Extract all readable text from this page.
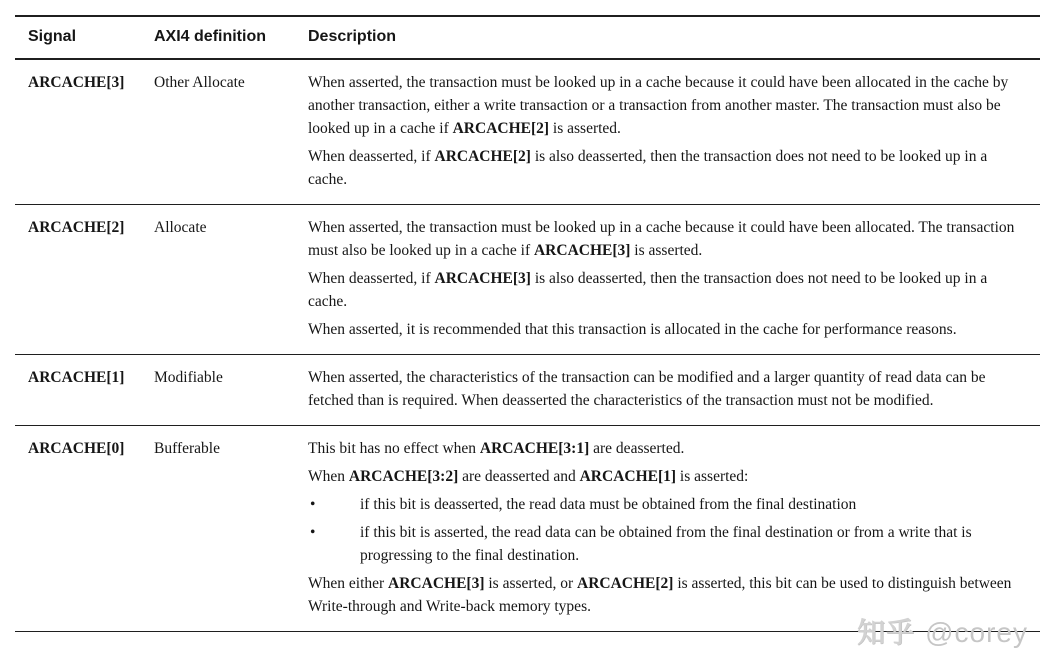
Signal	AXI4 definition	Description
ARCACHE[3]	Other Allocate	When asserted, the transaction must be looked up in a cache because it could have been allocated in the cache by another transaction, either a write transaction or a transaction from another master. The transaction must also be looked up in a cache if ARCACHE[2] is asserted.
When deasserted, if ARCACHE[2] is also deasserted, then the transaction does not need to be looked up in a cache.
ARCACHE[2]	Allocate	When asserted, the transaction must be looked up in a cache because it could have been allocated. The transaction must also be looked up in a cache if ARCACHE[3] is asserted.
When deasserted, if ARCACHE[3] is also deasserted, then the transaction does not need to be looked up in a cache.
When asserted, it is recommended that this transaction is allocated in the cache for performance reasons.
ARCACHE[1]	Modifiable	When asserted, the characteristics of the transaction can be modified and a larger quantity of read data can be fetched than is required. When deasserted the characteristics of the transaction must not be modified.
ARCACHE[0]	Bufferable	This bit has no effect when ARCACHE[3:1] are deasserted.
When ARCACHE[3:2] are deasserted and ARCACHE[1] is asserted:
•	if this bit is deasserted, the read data must be obtained from the final destination
•	if this bit is asserted, the read data can be obtained from the final destination or from a write that is progressing to the final destination.
When either ARCACHE[3] is asserted, or ARCACHE[2] is asserted, this bit can be used to distinguish between Write-through and Write-back memory types.
知乎 @corey
